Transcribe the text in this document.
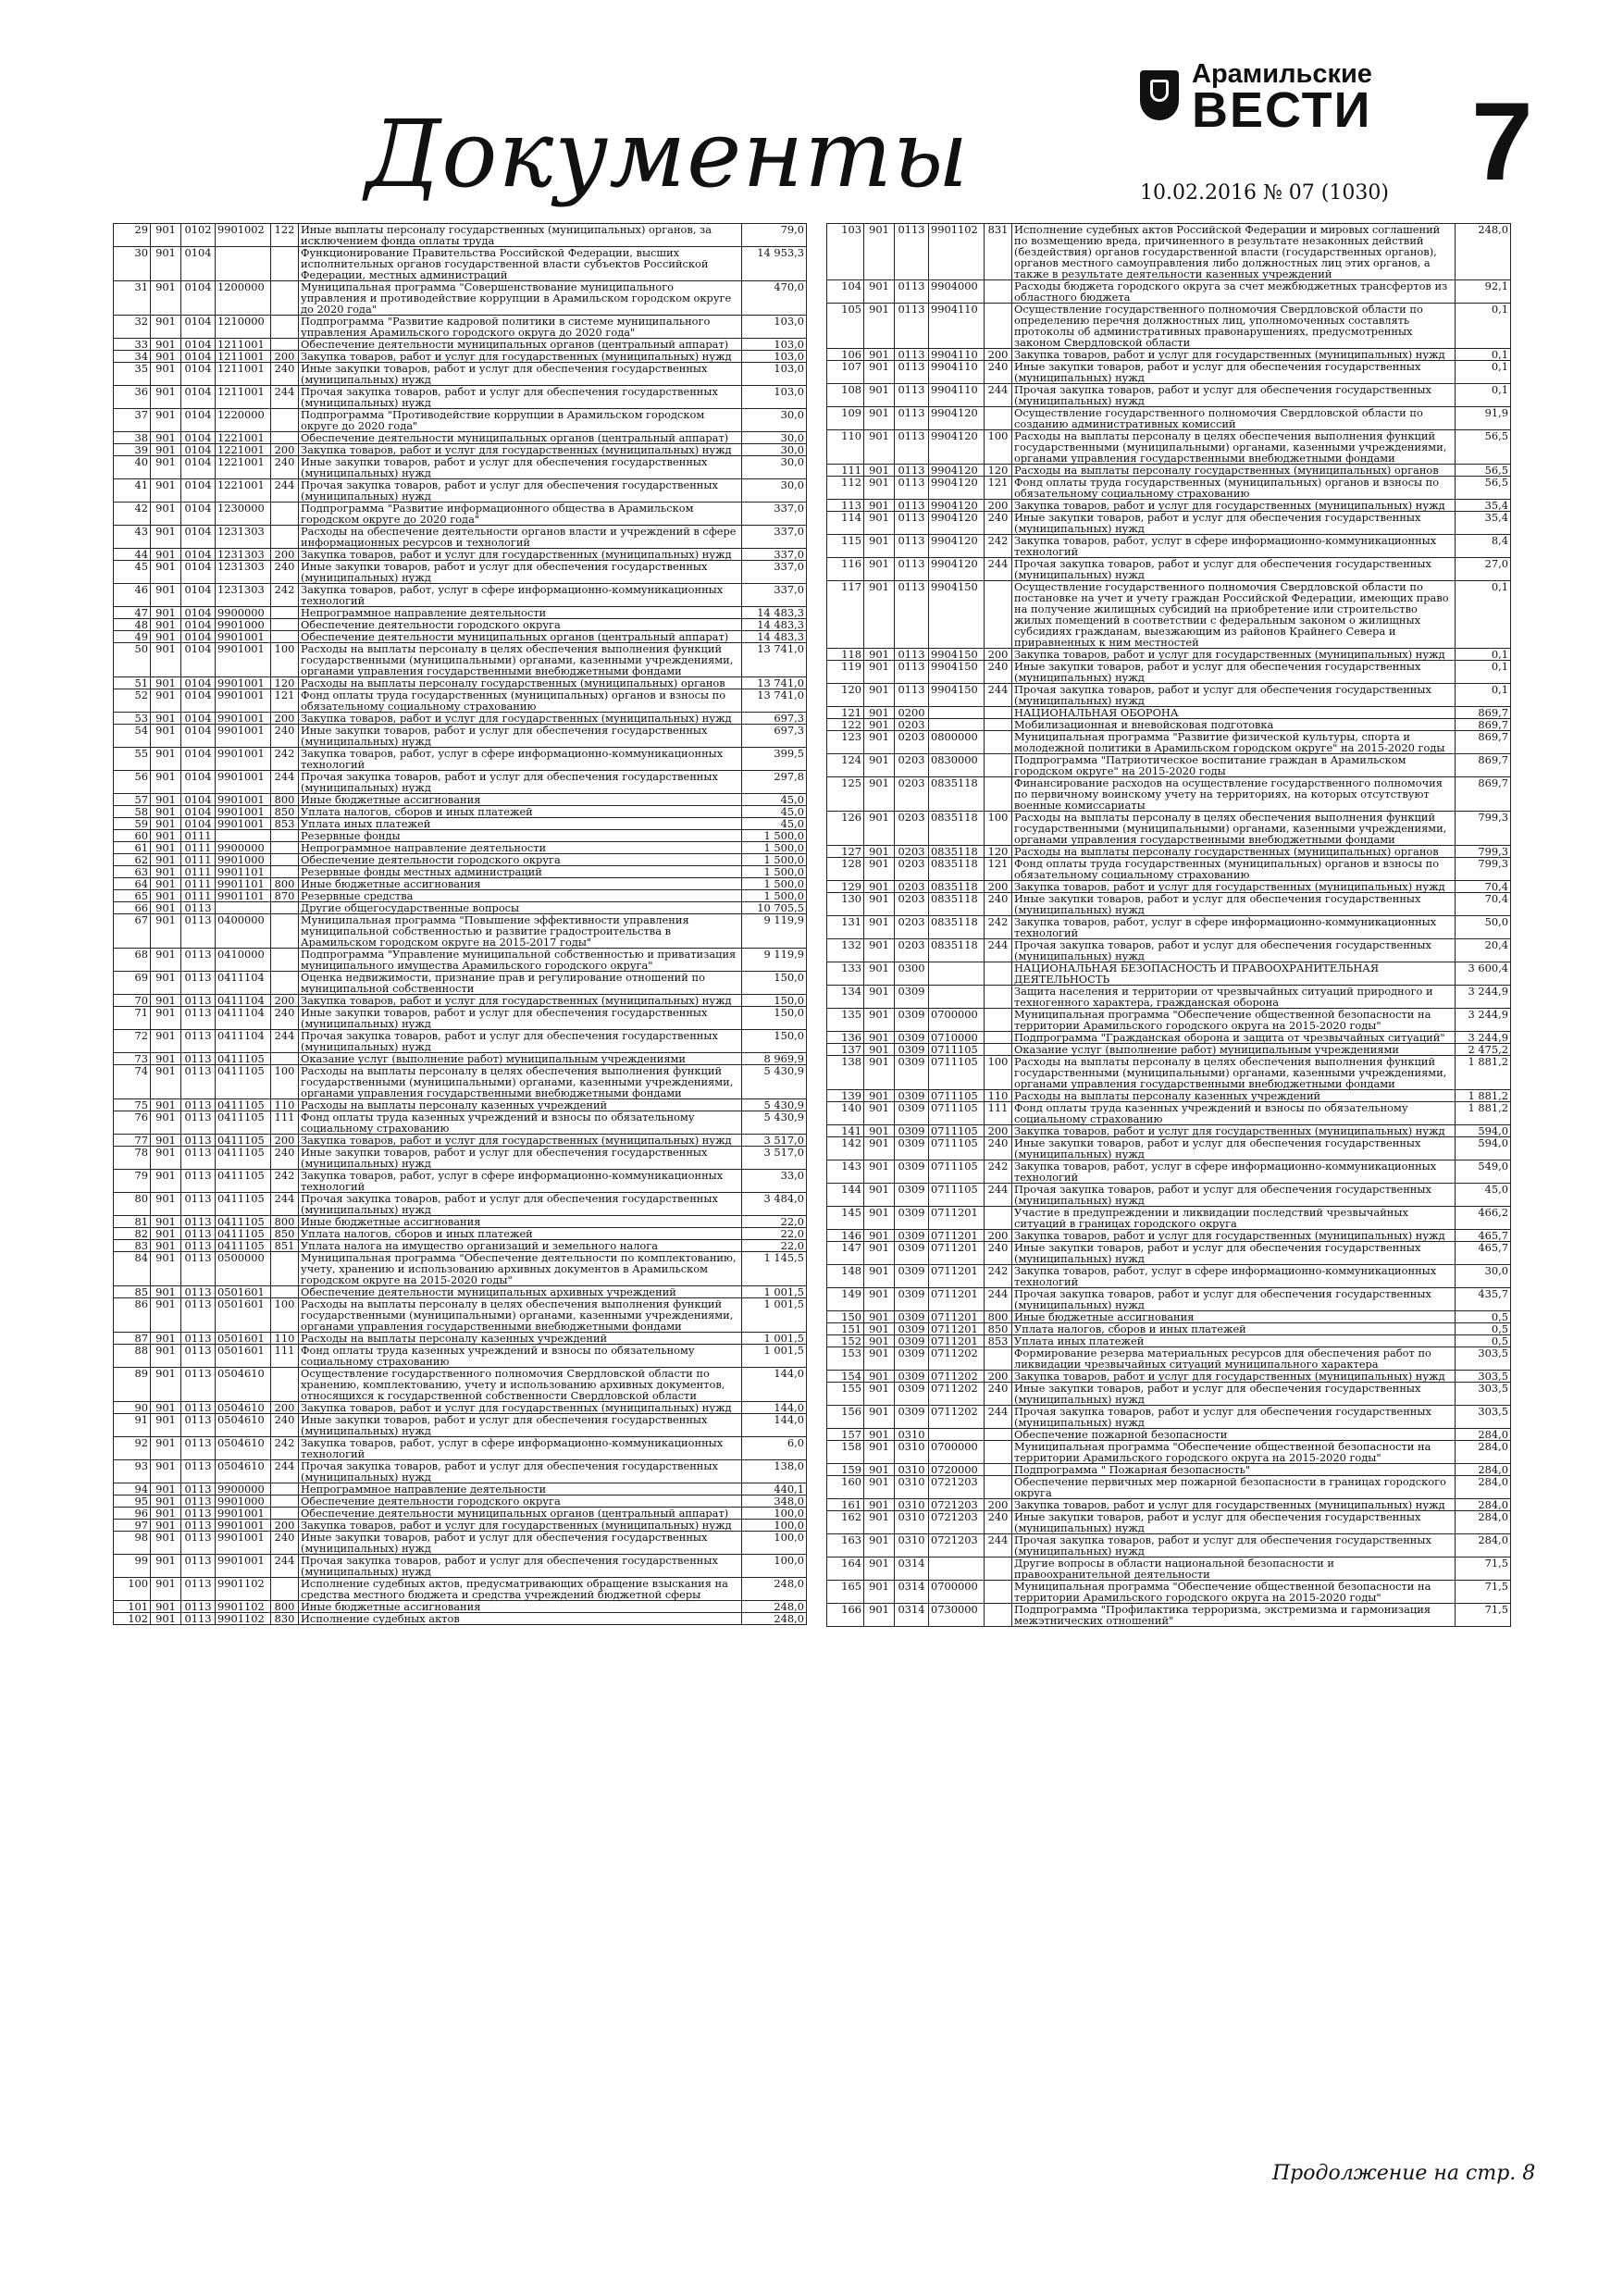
Документы
Арамильские
ВЕСТИ
10.02.2016 № 07 (1030) 7
29	901	0102	9901002	122	Иные выплаты персоналу государственных (муниципальных) органов, за исключением фонда оплаты труда	79,0
30	901	0104			Функционирование Правительства Российской Федерации, высших исполнительных органов государственной власти субъектов Российской Федерации, местных администраций	14 953,3
31	901	0104	1200000		Муниципальная программа "Совершенствование муниципального управления и противодействие коррупции в Арамильском городском округе до 2020 года"	470,0
32	901	0104	1210000		Подпрограмма "Развитие кадровой политики в системе муниципального управления Арамильского городского округа до 2020 года"	103,0
33	901	0104	1211001		Обеспечение деятельности муниципальных органов (центральный аппарат)	103,0
34	901	0104	1211001	200	Закупка товаров, работ и услуг для государственных (муниципальных) нужд	103,0
35	901	0104	1211001	240	Иные закупки товаров, работ и услуг для обеспечения государственных (муниципальных) нужд	103,0
36	901	0104	1211001	244	Прочая закупка товаров, работ и услуг для обеспечения государственных (муниципальных) нужд	103,0
37	901	0104	1220000		Подпрограмма "Противодействие коррупции в Арамильском городском округе до 2020 года"	30,0
38	901	0104	1221001		Обеспечение деятельности муниципальных органов (центральный аппарат)	30,0
39	901	0104	1221001	200	Закупка товаров, работ и услуг для государственных (муниципальных) нужд	30,0
40	901	0104	1221001	240	Иные закупки товаров, работ и услуг для обеспечения государственных (муниципальных) нужд	30,0
41	901	0104	1221001	244	Прочая закупка товаров, работ и услуг для обеспечения государственных (муниципальных) нужд	30,0
42	901	0104	1230000		Подпрограмма "Развитие информационного общества в Арамильском городском округе до 2020 года"	337,0
43	901	0104	1231303		Расходы на обеспечение деятельности органов власти и учреждений в сфере информационных ресурсов и технологий	337,0
44	901	0104	1231303	200	Закупка товаров, работ и услуг для государственных (муниципальных) нужд	337,0
45	901	0104	1231303	240	Иные закупки товаров, работ и услуг для обеспечения государственных (муниципальных) нужд	337,0
46	901	0104	1231303	242	Закупка товаров, работ, услуг в сфере информационно-коммуникационных технологий	337,0
47	901	0104	9900000		Непрограммное направление деятельности	14 483,3
48	901	0104	9901000		Обеспечение деятельности городского округа	14 483,3
49	901	0104	9901001		Обеспечение деятельности муниципальных органов (центральный аппарат)	14 483,3
50	901	0104	9901001	100	Расходы на выплаты персоналу в целях обеспечения выполнения функций государственными (муниципальными) органами, казенными учреждениями, органами управления государственными внебюджетными фондами	13 741,0
51	901	0104	9901001	120	Расходы на выплаты персоналу государственных (муниципальных) органов	13 741,0
52	901	0104	9901001	121	Фонд оплаты труда государственных (муниципальных) органов и взносы по обязательному социальному страхованию	13 741,0
53	901	0104	9901001	200	Закупка товаров, работ и услуг для государственных (муниципальных) нужд	697,3
54	901	0104	9901001	240	Иные закупки товаров, работ и услуг для обеспечения государственных (муниципальных) нужд	697,3
55	901	0104	9901001	242	Закупка товаров, работ, услуг в сфере информационно-коммуникационных технологий	399,5
56	901	0104	9901001	244	Прочая закупка товаров, работ и услуг для обеспечения государственных (муниципальных) нужд	297,8
57	901	0104	9901001	800	Иные бюджетные ассигнования	45,0
58	901	0104	9901001	850	Уплата налогов, сборов и иных платежей	45,0
59	901	0104	9901001	853	Уплата иных платежей	45,0
60	901	0111			Резервные фонды	1 500,0
61	901	0111	9900000		Непрограммное направление деятельности	1 500,0
62	901	0111	9901000		Обеспечение деятельности городского округа	1 500,0
63	901	0111	9901101		Резервные фонды местных администраций	1 500,0
64	901	0111	9901101	800	Иные бюджетные ассигнования	1 500,0
65	901	0111	9901101	870	Резервные средства	1 500,0
66	901	0113			Другие общегосударственные вопросы	10 705,5
67	901	0113	0400000		Муниципальная программа "Повышение эффективности управления муниципальной собственностью и развитие градостроительства в Арамильском городском округе на 2015-2017 годы"	9 119,9
68	901	0113	0410000		Подпрограмма "Управление муниципальной собственностью и приватизация муниципального имущества Арамильского городского округа"	9 119,9
69	901	0113	0411104		Оценка недвижимости, признание прав и регулирование отношений по муниципальной собственности	150,0
70	901	0113	0411104	200	Закупка товаров, работ и услуг для государственных (муниципальных) нужд	150,0
71	901	0113	0411104	240	Иные закупки товаров, работ и услуг для обеспечения государственных (муниципальных) нужд	150,0
72	901	0113	0411104	244	Прочая закупка товаров, работ и услуг для обеспечения государственных (муниципальных) нужд	150,0
73	901	0113	0411105		Оказание услуг (выполнение работ) муниципальным учреждениями	8 969,9
74	901	0113	0411105	100	Расходы на выплаты персоналу в целях обеспечения выполнения функций государственными (муниципальными) органами, казенными учреждениями, органами управления государственными внебюджетными фондами	5 430,9
75	901	0113	0411105	110	Расходы на выплаты персоналу казенных учреждений	5 430,9
76	901	0113	0411105	111	Фонд оплаты труда казенных учреждений и взносы по обязательному социальному страхованию	5 430,9
77	901	0113	0411105	200	Закупка товаров, работ и услуг для государственных (муниципальных) нужд	3 517,0
78	901	0113	0411105	240	Иные закупки товаров, работ и услуг для обеспечения государственных (муниципальных) нужд	3 517,0
79	901	0113	0411105	242	Закупка товаров, работ, услуг в сфере информационно-коммуникационных технологий	33,0
80	901	0113	0411105	244	Прочая закупка товаров, работ и услуг для обеспечения государственных (муниципальных) нужд	3 484,0
81	901	0113	0411105	800	Иные бюджетные ассигнования	22,0
82	901	0113	0411105	850	Уплата налогов, сборов и иных платежей	22,0
83	901	0113	0411105	851	Уплата налога на имущество организаций и земельного налога	22,0
84	901	0113	0500000		Муниципальная программа "Обеспечение деятельности по комплектованию, учету, хранению и использованию архивных документов в Арамильском городском округе на 2015-2020 годы"	1 145,5
85	901	0113	0501601		Обеспечение деятельности муниципальных архивных учреждений	1 001,5
86	901	0113	0501601	100	Расходы на выплаты персоналу в целях обеспечения выполнения функций государственными (муниципальными) органами, казенными учреждениями, органами управления государственными внебюджетными фондами	1 001,5
87	901	0113	0501601	110	Расходы на выплаты персоналу казенных учреждений	1 001,5
88	901	0113	0501601	111	Фонд оплаты труда казенных учреждений и взносы по обязательному социальному страхованию	1 001,5
89	901	0113	0504610		Осуществление государственного полномочия Свердловской области по хранению, комплектованию, учету и использованию архивных документов, относящихся к государственной собственности Свердловской области	144,0
90	901	0113	0504610	200	Закупка товаров, работ и услуг для государственных (муниципальных) нужд	144,0
91	901	0113	0504610	240	Иные закупки товаров, работ и услуг для обеспечения государственных (муниципальных) нужд	144,0
92	901	0113	0504610	242	Закупка товаров, работ, услуг в сфере информационно-коммуникационных технологий	6,0
93	901	0113	0504610	244	Прочая закупка товаров, работ и услуг для обеспечения государственных (муниципальных) нужд	138,0
94	901	0113	9900000		Непрограммное направление деятельности	440,1
95	901	0113	9901000		Обеспечение деятельности городского округа	348,0
96	901	0113	9901001		Обеспечение деятельности муниципальных органов (центральный аппарат)	100,0
97	901	0113	9901001	200	Закупка товаров, работ и услуг для государственных (муниципальных) нужд	100,0
98	901	0113	9901001	240	Иные закупки товаров, работ и услуг для обеспечения государственных (муниципальных) нужд	100,0
99	901	0113	9901001	244	Прочая закупка товаров, работ и услуг для обеспечения государственных (муниципальных) нужд	100,0
100	901	0113	9901102		Исполнение судебных актов, предусматривающих обращение взыскания на средства местного бюджета и средства учреждений бюджетной сферы	248,0
101	901	0113	9901102	800	Иные бюджетные ассигнования	248,0
102	901	0113	9901102	830	Исполнение судебных актов	248,0
103	901	0113	9901102	831	Исполнение судебных актов Российской Федерации и мировых соглашений по возмещению вреда, причиненного в результате незаконных действий (бездействия) органов государственной власти (государственных органов), органов местного самоуправления либо должностных лиц этих органов, а также в результате деятельности казенных учреждений	248,0
104	901	0113	9904000		Расходы бюджета городского округа за счет межбюджетных трансфертов из областного бюджета	92,1
105	901	0113	9904110		Осуществление государственного полномочия Свердловской области по определению перечня должностных лиц, уполномоченных составлять протоколы об административных правонарушениях, предусмотренных законом Свердловской области	0,1
106	901	0113	9904110	200	Закупка товаров, работ и услуг для государственных (муниципальных) нужд	0,1
107	901	0113	9904110	240	Иные закупки товаров, работ и услуг для обеспечения государственных (муниципальных) нужд	0,1
108	901	0113	9904110	244	Прочая закупка товаров, работ и услуг для обеспечения государственных (муниципальных) нужд	0,1
109	901	0113	9904120		Осуществление государственного полномочия Свердловской области по созданию административных комиссий	91,9
110	901	0113	9904120	100	Расходы на выплаты персоналу в целях обеспечения выполнения функций государственными (муниципальными) органами, казенными учреждениями, органами управления государственными внебюджетными фондами	56,5
111	901	0113	9904120	120	Расходы на выплаты персоналу государственных (муниципальных) органов	56,5
112	901	0113	9904120	121	Фонд оплаты труда государственных (муниципальных) органов и взносы по обязательному социальному страхованию	56,5
113	901	0113	9904120	200	Закупка товаров, работ и услуг для государственных (муниципальных) нужд	35,4
114	901	0113	9904120	240	Иные закупки товаров, работ и услуг для обеспечения государственных (муниципальных) нужд	35,4
115	901	0113	9904120	242	Закупка товаров, работ, услуг в сфере информационно-коммуникационных технологий	8,4
116	901	0113	9904120	244	Прочая закупка товаров, работ и услуг для обеспечения государственных (муниципальных) нужд	27,0
117	901	0113	9904150		Осуществление государственного полномочия Свердловской области по постановке на учет и учету граждан Российской Федерации, имеющих право на получение жилищных субсидий на приобретение или строительство жилых помещений в соответствии с федеральным законом о жилищных субсидиях гражданам, выезжающим из районов Крайнего Севера и приравненных к ним местностей	0,1
118	901	0113	9904150	200	Закупка товаров, работ и услуг для государственных (муниципальных) нужд	0,1
119	901	0113	9904150	240	Иные закупки товаров, работ и услуг для обеспечения государственных (муниципальных) нужд	0,1
120	901	0113	9904150	244	Прочая закупка товаров, работ и услуг для обеспечения государственных (муниципальных) нужд	0,1
121	901	0200			НАЦИОНАЛЬНАЯ ОБОРОНА	869,7
122	901	0203			Мобилизационная и вневойсковая подготовка	869,7
123	901	0203	0800000		Муниципальная программа "Развитие физической культуры, спорта и молодежной политики в Арамильском городском округе" на 2015-2020 годы	869,7
124	901	0203	0830000		Подпрограмма "Патриотическое воспитание граждан в Арамильском городском округе" на 2015-2020 годы	869,7
125	901	0203	0835118		Финансирование расходов на осуществление государственного полномочия по первичному воинскому учету на территориях, на которых отсутствуют военные комиссариаты	869,7
126	901	0203	0835118	100	Расходы на выплаты персоналу в целях обеспечения выполнения функций государственными (муниципальными) органами, казенными учреждениями, органами управления государственными внебюджетными фондами	799,3
127	901	0203	0835118	120	Расходы на выплаты персоналу государственных (муниципальных) органов	799,3
128	901	0203	0835118	121	Фонд оплаты труда государственных (муниципальных) органов и взносы по обязательному социальному страхованию	799,3
129	901	0203	0835118	200	Закупка товаров, работ и услуг для государственных (муниципальных) нужд	70,4
130	901	0203	0835118	240	Иные закупки товаров, работ и услуг для обеспечения государственных (муниципальных) нужд	70,4
131	901	0203	0835118	242	Закупка товаров, работ, услуг в сфере информационно-коммуникационных технологий	50,0
132	901	0203	0835118	244	Прочая закупка товаров, работ и услуг для обеспечения государственных (муниципальных) нужд	20,4
133	901	0300			НАЦИОНАЛЬНАЯ БЕЗОПАСНОСТЬ И ПРАВООХРАНИТЕЛЬНАЯ ДЕЯТЕЛЬНОСТЬ	3 600,4
134	901	0309			Защита населения и территории от чрезвычайных ситуаций природного и техногенного характера, гражданская оборона	3 244,9
135	901	0309	0700000		Муниципальная программа "Обеспечение общественной безопасности на территории Арамильского городского округа на 2015-2020 годы"	3 244,9
136	901	0309	0710000		Подпрограмма "Гражданская оборона и защита от чрезвычайных ситуаций"	3 244,9
137	901	0309	0711105		Оказание услуг (выполнение работ) муниципальным учреждениями	2 475,2
138	901	0309	0711105	100	Расходы на выплаты персоналу в целях обеспечения выполнения функций государственными (муниципальными) органами, казенными учреждениями, органами управления государственными внебюджетными фондами	1 881,2
139	901	0309	0711105	110	Расходы на выплаты персоналу казенных учреждений	1 881,2
140	901	0309	0711105	111	Фонд оплаты труда казенных учреждений и взносы по обязательному социальному страхованию	1 881,2
141	901	0309	0711105	200	Закупка товаров, работ и услуг для государственных (муниципальных) нужд	594,0
142	901	0309	0711105	240	Иные закупки товаров, работ и услуг для обеспечения государственных (муниципальных) нужд	594,0
143	901	0309	0711105	242	Закупка товаров, работ, услуг в сфере информационно-коммуникационных технологий	549,0
144	901	0309	0711105	244	Прочая закупка товаров, работ и услуг для обеспечения государственных (муниципальных) нужд	45,0
145	901	0309	0711201		Участие в предупреждении и ликвидации последствий чрезвычайных ситуаций в границах городского округа	466,2
146	901	0309	0711201	200	Закупка товаров, работ и услуг для государственных (муниципальных) нужд	465,7
147	901	0309	0711201	240	Иные закупки товаров, работ и услуг для обеспечения государственных (муниципальных) нужд	465,7
148	901	0309	0711201	242	Закупка товаров, работ, услуг в сфере информационно-коммуникационных технологий	30,0
149	901	0309	0711201	244	Прочая закупка товаров, работ и услуг для обеспечения государственных (муниципальных) нужд	435,7
150	901	0309	0711201	800	Иные бюджетные ассигнования	0,5
151	901	0309	0711201	850	Уплата налогов, сборов и иных платежей	0,5
152	901	0309	0711201	853	Уплата иных платежей	0,5
153	901	0309	0711202		Формирование резерва материальных ресурсов для обеспечения работ по ликвидации чрезвычайных ситуаций муниципального характера	303,5
154	901	0309	0711202	200	Закупка товаров, работ и услуг для государственных (муниципальных) нужд	303,5
155	901	0309	0711202	240	Иные закупки товаров, работ и услуг для обеспечения государственных (муниципальных) нужд	303,5
156	901	0309	0711202	244	Прочая закупка товаров, работ и услуг для обеспечения государственных (муниципальных) нужд	303,5
157	901	0310			Обеспечение пожарной безопасности	284,0
158	901	0310	0700000		Муниципальная программа "Обеспечение общественной безопасности на территории Арамильского городского округа на 2015-2020 годы"	284,0
159	901	0310	0720000		Подпрограмма " Пожарная безопасность"	284,0
160	901	0310	0721203		Обеспечение первичных мер пожарной безопасности в границах городского округа	284,0
161	901	0310	0721203	200	Закупка товаров, работ и услуг для государственных (муниципальных) нужд	284,0
162	901	0310	0721203	240	Иные закупки товаров, работ и услуг для обеспечения государственных (муниципальных) нужд	284,0
163	901	0310	0721203	244	Прочая закупка товаров, работ и услуг для обеспечения государственных (муниципальных) нужд	284,0
164	901	0314			Другие вопросы в области национальной безопасности и правоохранительной деятельности	71,5
165	901	0314	0700000		Муниципальная программа "Обеспечение общественной безопасности на территории Арамильского городского округа на 2015-2020 годы"	71,5
166	901	0314	0730000		Подпрограмма "Профилактика терроризма, экстремизма и гармонизация межэтнических отношений"	71,5
Продолжение на стр. 8
